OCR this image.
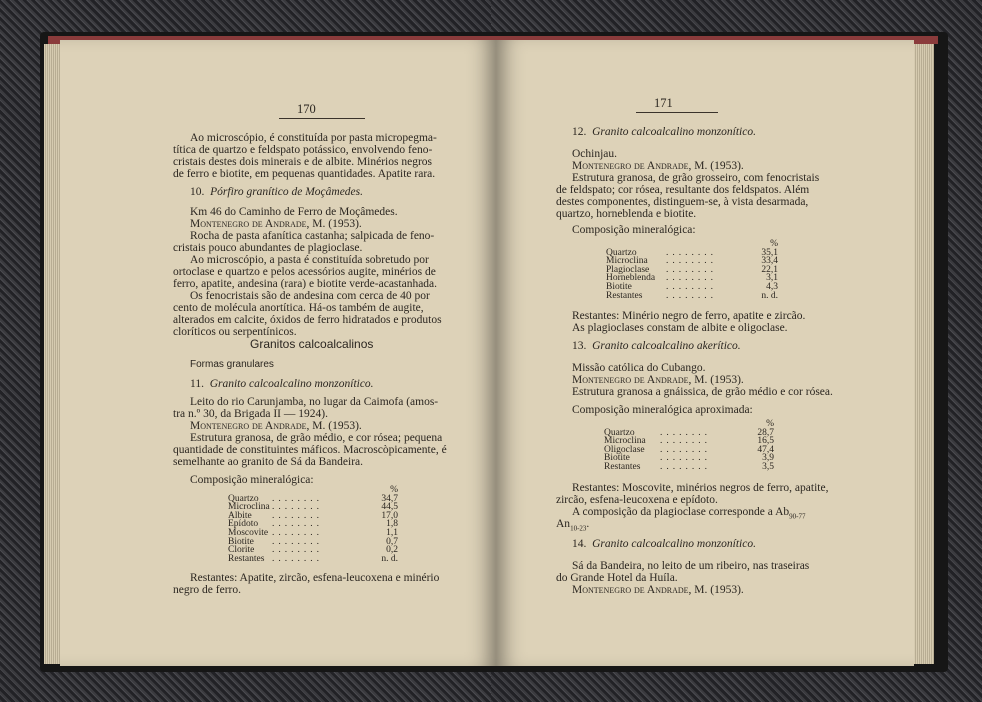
170
Ao microscópio, é constituída por pasta micropegma-
títica de quartzo e feldspato potássico, envolvendo feno-
cristais destes dois minerais e de albite. Minérios negros
de ferro e biotite, em pequenas quantidades. Apatite rara.
10. Pórfiro granítico de Moçâmedes.
Km 46 do Caminho de Ferro de Moçâmedes.
Montenegro de Andrade, M. (1953).
Rocha de pasta afanítica castanha; salpicada de feno-
cristais pouco abundantes de plagioclase.
Ao microscópio, a pasta é constituída sobretudo por
ortoclase e quartzo e pelos acessórios augite, minérios de
ferro, apatite, andesina (rara) e biotite verde-acastanhada.
Os fenocristais são de andesina com cerca de 40 por
cento de molécula anortítica. Há-os também de augite,
alterados em calcite, óxidos de ferro hidratados e produtos
cloríticos ou serpentínicos.
Granitos calcoalcalinos
Formas granulares
11. Granito calcoalcalino monzonítico.
Leito do rio Carunjamba, no lugar da Caimofa (amos-
tra n.º 30, da Brigada II — 1924).
Montenegro de Andrade, M. (1953).
Estrutura granosa, de grão médio, e cor rósea; pequena
quantidade de constituintes máficos. Macroscòpicamente, é
semelhante ao granito de Sá da Bandeira.
Composição mineralógica:
%
Quartzo ........	34,7
Microclina ........	44,5
Albite ........	17,0
Epídoto ........	1,8
Moscovite ........	1,1
Biotite ........	0,7
Clorite ........	0,2
Restantes ........	n. d.
Restantes: Apatite, zircão, esfena-leucoxena e minério
negro de ferro.
171
12. Granito calcoalcalino monzonítico.
Ochinjau.
Montenegro de Andrade, M. (1953).
Estrutura granosa, de grão grosseiro, com fenocristais
de feldspato; cor rósea, resultante dos feldspatos. Além
destes componentes, distinguem-se, à vista desarmada,
quartzo, horneblenda e biotite.
Composição mineralógica:
%
Quartzo	........	35,1
Microclina ........	33,4
Plagioclase ........	22,1
Horneblenda ........	3,1
Biotite	........	4,3
Restantes ........	n. d.
Restantes: Minério negro de ferro, apatite e zircão.
As plagioclases constam de albite e oligoclase.
13. Granito calcoalcalino akerítico.
Missão católica do Cubango.
Montenegro de Andrade, M. (1953).
Estrutura granosa a gnáissica, de grão médio e cor rósea.
Composição mineralógica aproximada:
%
Quartzo	........	28,7
Microclina ........	16,5
Oligoclase ........	47,4
Biotite	........	3,9
Restantes ........	3,5
Restantes: Moscovite, minérios negros de ferro, apatite,
zircão, esfena-leucoxena e epídoto.
A composição da plagioclase corresponde a $Ab_{90-77}$
$An_{10-23}$.
14. Granito calcoalcalino monzonítico.
Sá da Bandeira, no leito de um ribeiro, nas traseiras
do Grande Hotel da Huíla.
Montenegro de Andrade, M. (1953).
